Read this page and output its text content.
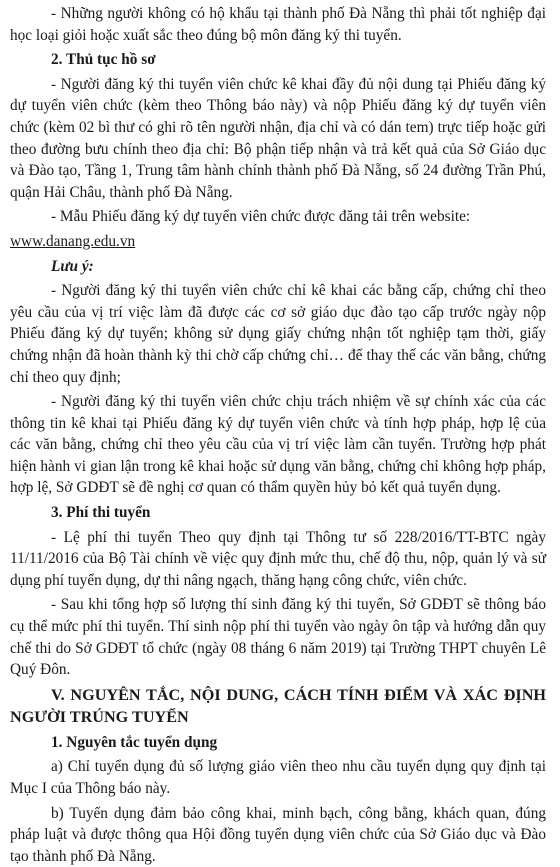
- Những người không có hộ khẩu tại thành phố Đà Nẵng thì phải tốt nghiệp đại học loại giỏi hoặc xuất sắc theo đúng bộ môn đăng ký thi tuyển.

2. Thủ tục hồ sơ

- Người đăng ký thi tuyển viên chức kê khai đầy đủ nội dung tại Phiếu đăng ký dự tuyển viên chức (kèm theo Thông báo này) và nộp Phiếu đăng ký dự tuyển viên chức (kèm 02 bì thư có ghi rõ tên người nhận, địa chỉ và có dán tem) trực tiếp hoặc gửi theo đường bưu chính theo địa chỉ: Bộ phận tiếp nhận và trả kết quả của Sở Giáo dục và Đào tạo, Tầng 1, Trung tâm hành chính thành phố Đà Nẵng, số 24 đường Trần Phú, quận Hải Châu, thành phố Đà Nẵng.

- Mẫu Phiếu đăng ký dự tuyển viên chức được đăng tải trên website:

www.danang.edu.vn

Lưu ý:

- Người đăng ký thi tuyển viên chức chỉ kê khai các bằng cấp, chứng chỉ theo yêu cầu của vị trí việc làm đã được các cơ sở giáo dục đào tạo cấp trước ngày nộp Phiếu đăng ký dự tuyển; không sử dụng giấy chứng nhận tốt nghiệp tạm thời, giấy chứng nhận đã hoàn thành kỳ thi chờ cấp chứng chỉ… để thay thế các văn bằng, chứng chỉ theo quy định;

- Người đăng ký thi tuyển viên chức chịu trách nhiệm về sự chính xác của các thông tin kê khai tại Phiếu đăng ký dự tuyển viên chức và tính hợp pháp, hợp lệ của các văn bằng, chứng chỉ theo yêu cầu của vị trí việc làm cần tuyển. Trường hợp phát hiện hành vi gian lận trong kê khai hoặc sử dụng văn bằng, chứng chỉ không hợp pháp, hợp lệ, Sở GDĐT sẽ đề nghị cơ quan có thẩm quyền hủy bỏ kết quả tuyển dụng.

3. Phí thi tuyển

- Lệ phí thi tuyển Theo quy định tại Thông tư số 228/2016/TT-BTC ngày 11/11/2016 của Bộ Tài chính về việc quy định mức thu, chế độ thu, nộp, quản lý và sử dụng phí tuyển dụng, dự thi nâng ngạch, thăng hạng công chức, viên chức.

- Sau khi tổng hợp số lượng thí sinh đăng ký thi tuyển, Sở GDĐT sẽ thông báo cụ thể mức phí thi tuyển. Thí sinh nộp phí thi tuyển vào ngày ôn tập và hướng dẫn quy chế thi do Sở GDĐT tổ chức (ngày 08 tháng 6 năm 2019) tại Trường THPT chuyên Lê Quý Đôn.

V. NGUYÊN TẮC, NỘI DUNG, CÁCH TÍNH ĐIỂM VÀ XÁC ĐỊNH NGƯỜI TRÚNG TUYỂN

1. Nguyên tắc tuyển dụng

a) Chỉ tuyển dụng đủ số lượng giáo viên theo nhu cầu tuyển dụng quy định tại Mục I của Thông báo này.

b) Tuyển dụng đảm bảo công khai, minh bạch, công bằng, khách quan, đúng pháp luật và được thông qua Hội đồng tuyển dụng viên chức của Sở Giáo dục và Đào tạo thành phố Đà Nẵng.
